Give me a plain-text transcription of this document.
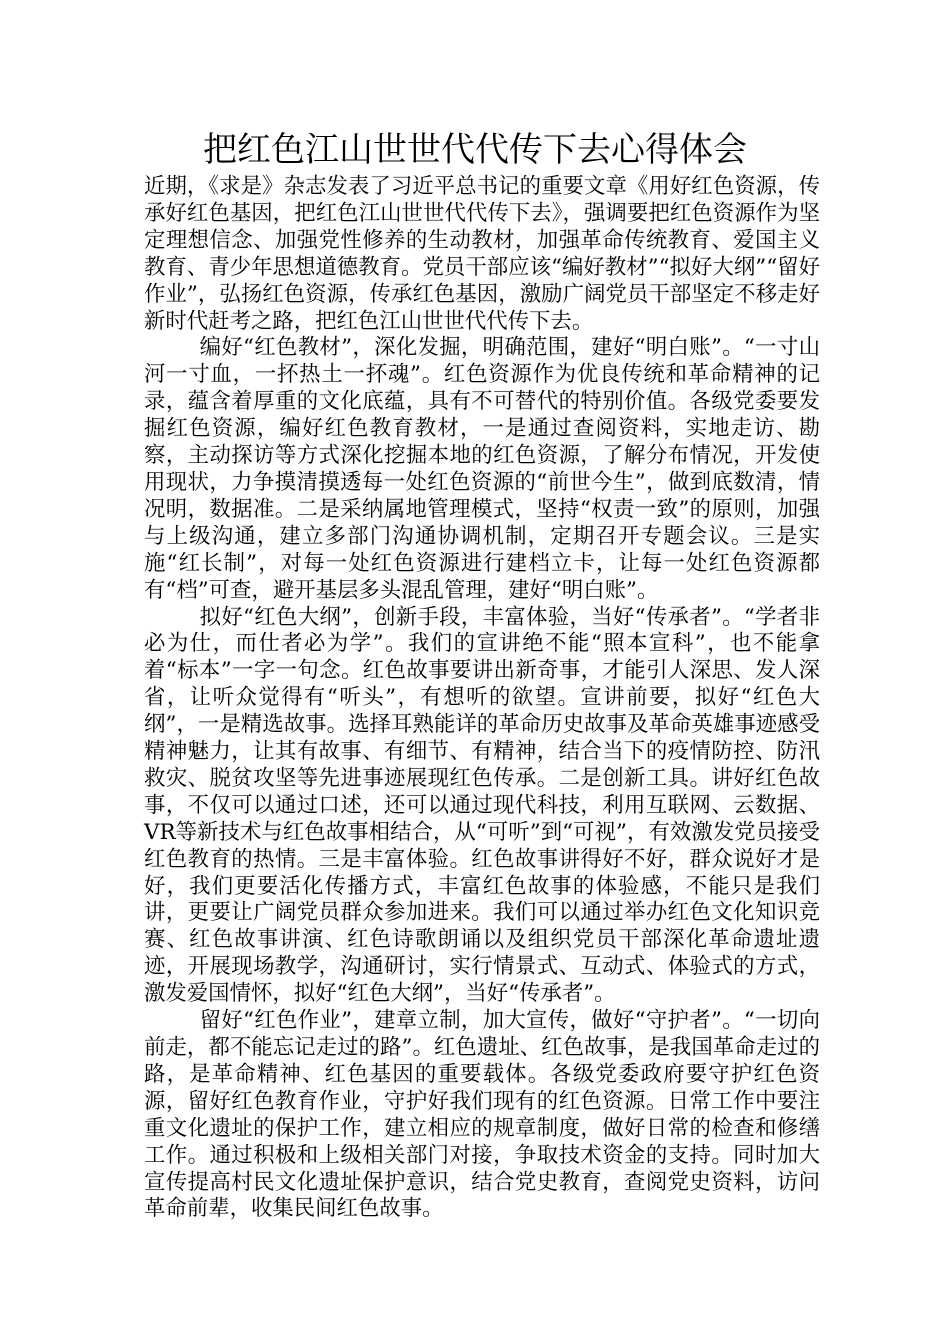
把红色江山世世代代传下去心得体会

近期，《求是》杂志发表了习近平总书记的重要文章《用好红色资源，传承好红色基因，把红色江山世世代代传下去》，强调要把红色资源作为坚定理想信念、加强党性修养的生动教材，加强革命传统教育、爱国主义教育、青少年思想道德教育。党员干部应该“编好教材”“拟好大纲”“留好作业”，弘扬红色资源，传承红色基因，激励广阔党员干部坚定不移走好新时代赶考之路，把红色江山世世代代传下去。

编好“红色教材”，深化发掘，明确范围，建好“明白账”。“一寸山河一寸血，一抔热土一抔魂”。红色资源作为优良传统和革命精神的记录，蕴含着厚重的文化底蕴，具有不可替代的特别价值。各级党委要发掘红色资源，编好红色教育教材，一是通过查阅资料，实地走访、勘察，主动探访等方式深化挖掘本地的红色资源，了解分布情况，开发使用现状，力争摸清摸透每一处红色资源的“前世今生”，做到底数清，情况明，数据准。二是采纳属地管理模式，坚持“权责一致”的原则，加强与上级沟通，建立多部门沟通协调机制，定期召开专题会议。三是实施“红长制”，对每一处红色资源进行建档立卡，让每一处红色资源都有“档”可查，避开基层多头混乱管理，建好“明白账”。

拟好“红色大纲”，创新手段，丰富体验，当好“传承者”。“学者非必为仕，而仕者必为学”。我们的宣讲绝不能“照本宣科”，也不能拿着“标本”一字一句念。红色故事要讲出新奇事，才能引人深思、发人深省，让听众觉得有“听头”，有想听的欲望。宣讲前要，拟好“红色大纲”，一是精选故事。选择耳熟能详的革命历史故事及革命英雄事迹感受精神魅力，让其有故事、有细节、有精神，结合当下的疫情防控、防汛救灾、脱贫攻坚等先进事迹展现红色传承。二是创新工具。讲好红色故事，不仅可以通过口述，还可以通过现代科技，利用互联网、云数据、VR等新技术与红色故事相结合，从“可听”到“可视”，有效激发党员接受红色教育的热情。三是丰富体验。红色故事讲得好不好，群众说好才是好，我们更要活化传播方式，丰富红色故事的体验感，不能只是我们讲，更要让广阔党员群众参加进来。我们可以通过举办红色文化知识竞赛、红色故事讲演、红色诗歌朗诵以及组织党员干部深化革命遗址遗迹，开展现场教学，沟通研讨，实行情景式、互动式、体验式的方式，激发爱国情怀，拟好“红色大纲”，当好“传承者”。

留好“红色作业”，建章立制，加大宣传，做好“守护者”。“一切向前走，都不能忘记走过的路”。红色遗址、红色故事，是我国革命走过的路，是革命精神、红色基因的重要载体。各级党委政府要守护红色资源，留好红色教育作业，守护好我们现有的红色资源。日常工作中要注重文化遗址的保护工作，建立相应的规章制度，做好日常的检查和修缮工作。通过积极和上级相关部门对接，争取技术资金的支持。同时加大宣传提高村民文化遗址保护意识，结合党史教育，查阅党史资料，访问革命前辈，收集民间红色故事。
